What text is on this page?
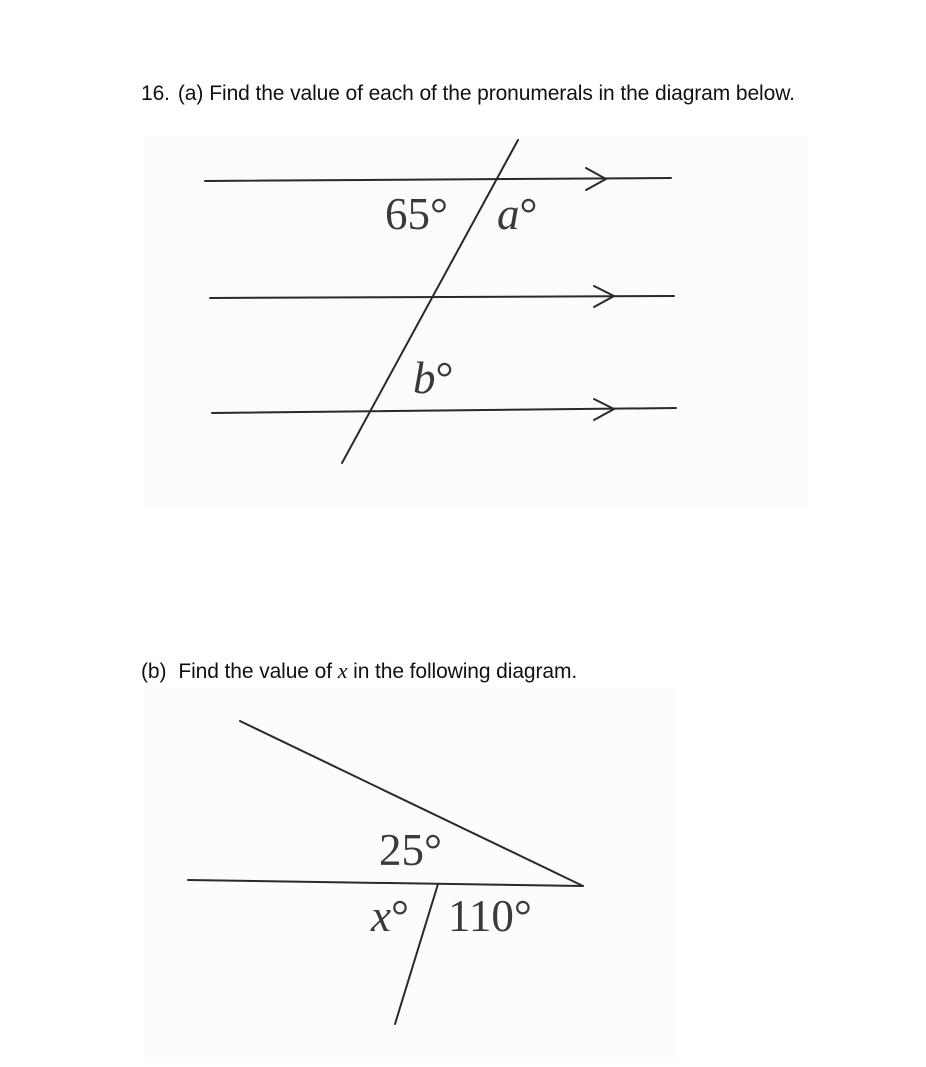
16. (a) Find the value of each of the pronumerals in the diagram below.
65° a°
b°
(b) Find the value of x in the following diagram.
25°
x° 110°
